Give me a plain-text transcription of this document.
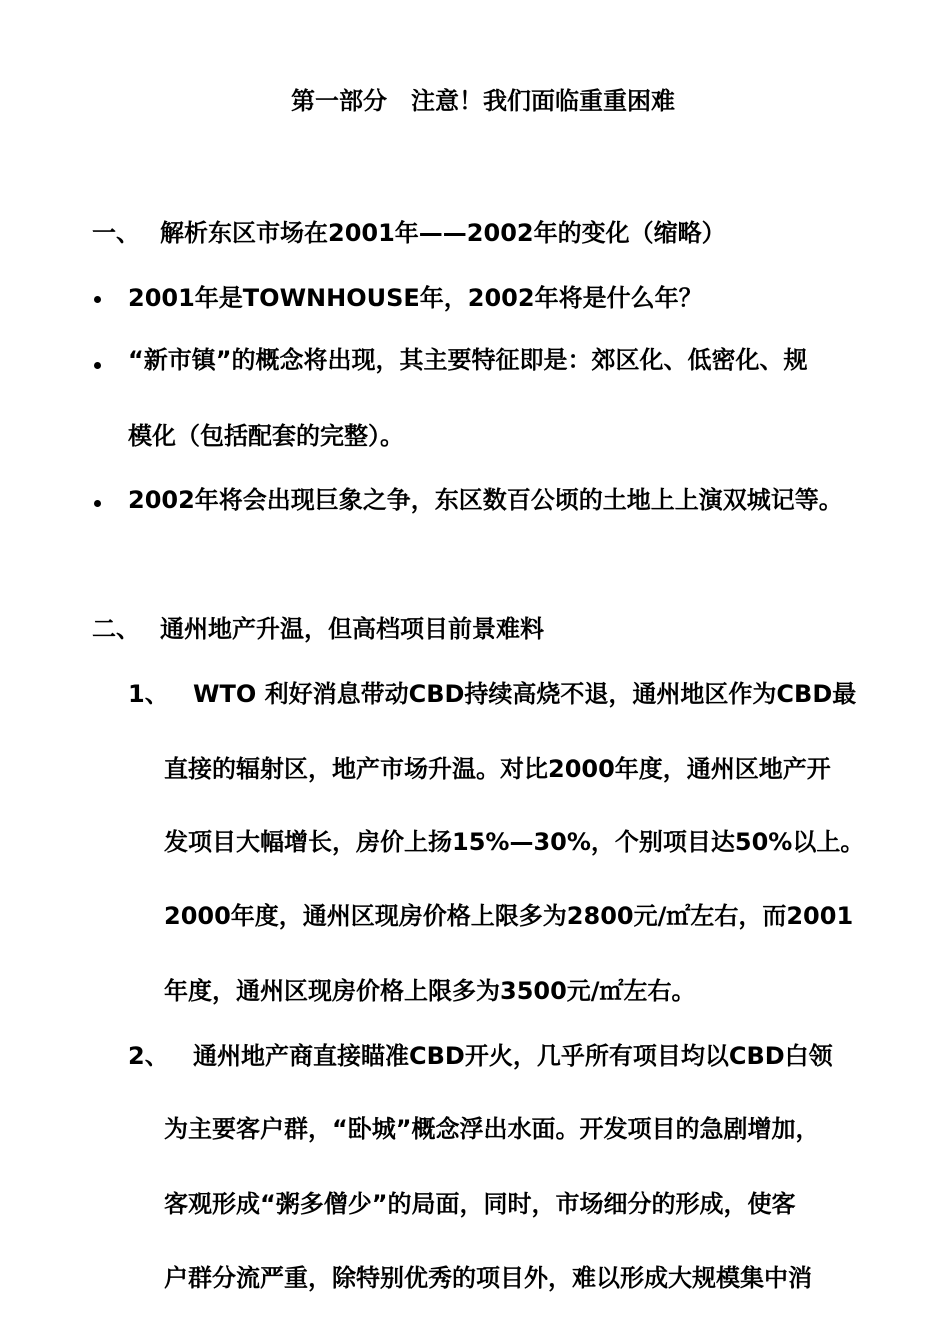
第一部分　注意！我们面临重重困难
一、 解析东区市场在2001年——2002年的变化（缩略）
2001年是TOWNHOUSE年，2002年将是什么年？
“新市镇”的概念将出现，其主要特征即是：郊区化、低密化、规
模化（包括配套的完整）。
2002年将会出现巨象之争，东区数百公顷的土地上上演双城记等。
二、 通州地产升温，但高档项目前景难料
1、 WTO 利好消息带动CBD持续高烧不退，通州地区作为CBD最
直接的辐射区，地产市场升温。对比2000年度，通州区地产开
发项目大幅增长，房价上扬15%—30%，个别项目达50%以上。
2000年度，通州区现房价格上限多为2800元/㎡左右，而2001
年度，通州区现房价格上限多为3500元/㎡左右。
2、 通州地产商直接瞄准CBD开火，几乎所有项目均以CBD白领
为主要客户群，“卧城”概念浮出水面。开发项目的急剧增加，
客观形成“粥多僧少”的局面，同时，市场细分的形成，使客
户群分流严重，除特别优秀的项目外，难以形成大规模集中消
